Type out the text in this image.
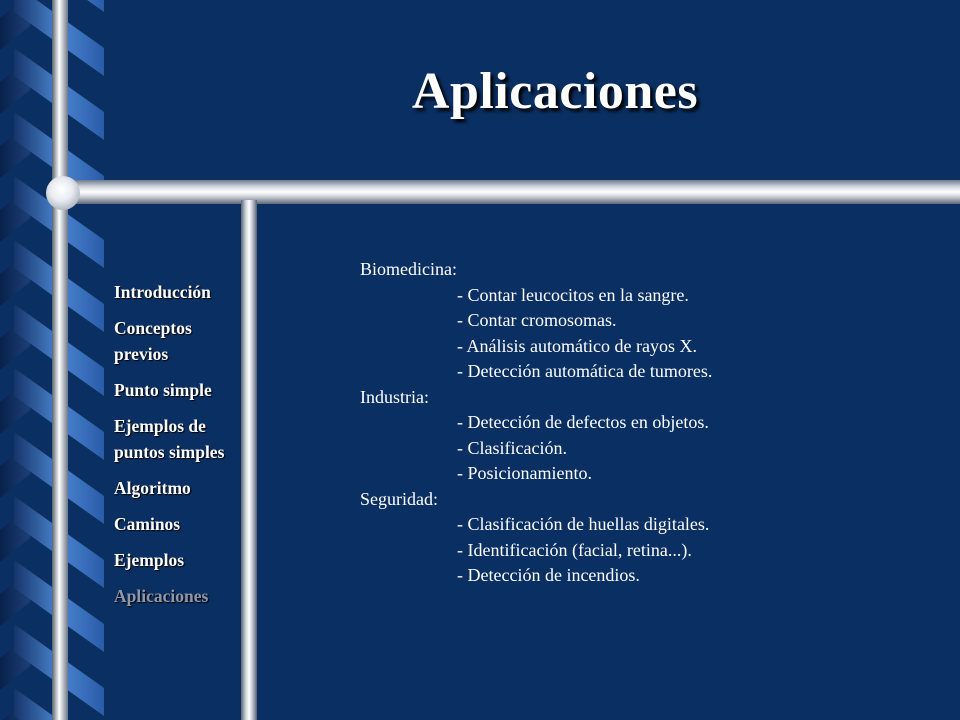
Aplicaciones
Introducción
Conceptos previos
Punto simple
Ejemplos de puntos simples
Algoritmo
Caminos
Ejemplos
Aplicaciones
Biomedicina:
- Contar leucocitos en la sangre.
- Contar cromosomas.
- Análisis automático de rayos X.
- Detección automática de tumores.
Industria:
- Detección de defectos en objetos.
- Clasificación.
- Posicionamiento.
Seguridad:
- Clasificación de huellas digitales.
- Identificación (facial, retina...).
- Detección de incendios.
